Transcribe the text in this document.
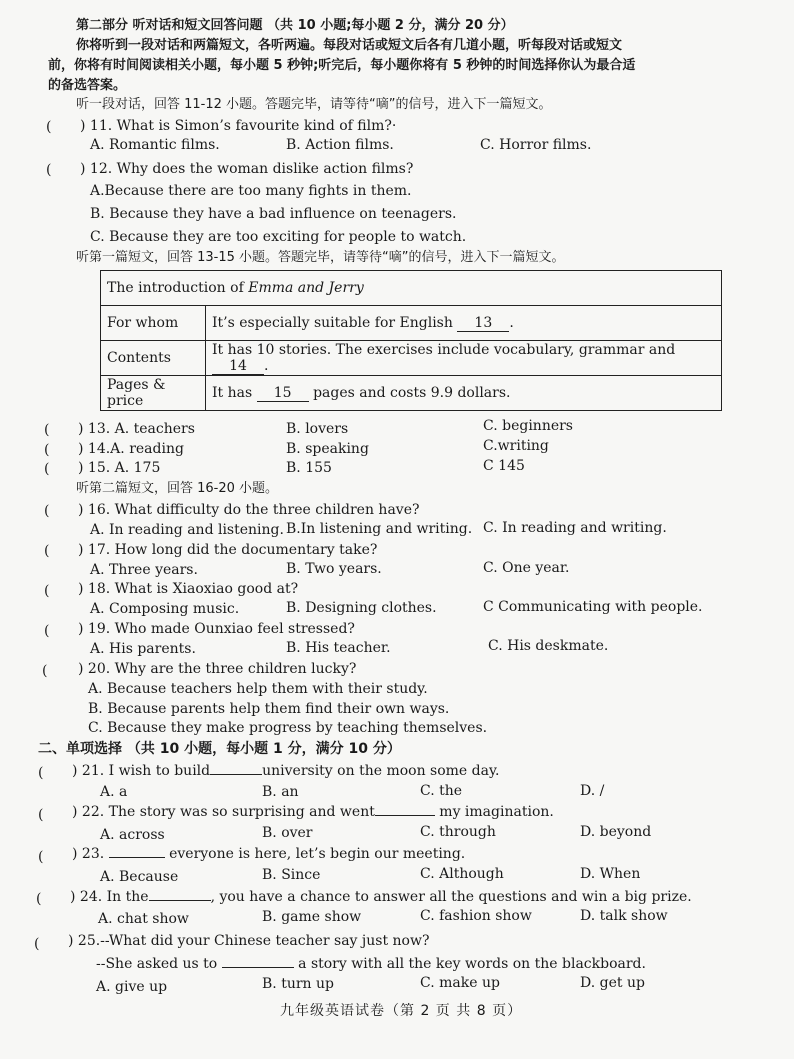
第二部分 听对话和短文回答问题 （共 10 小题;每小题 2 分，满分 20 分）
你将听到一段对话和两篇短文，各听两遍。每段对话或短文后各有几道小题，听每段对话或短文
前，你将有时间阅读相关小题，每小题 5 秒钟;听完后，每小题你将有 5 秒钟的时间选择你认为最合适
的备选答案。
听一段对话，回答 11-12 小题。答题完毕，请等待“嘀”的信号，进入下一篇短文。
( ) 11. What is Simon’s favourite kind of film?·
A. Romantic films.	B. Action films.	C. Horror films.
( ) 12. Why does the woman dislike action films?
A.Because there are too many fights in them.
B. Because they have a bad influence on teenagers.
C. Because they are too exciting for people to watch.
听第一篇短文，回答 13-15 小题。答题完毕，请等待“嘀”的信号，进入下一篇短文。
The introduction of Emma and Jerry	
For whom	It’s especially suitable for English 13 .
Contents	It has 10 stories. The exercises include vocabulary, grammar and 14 .
Pages & price	It has 15 pages and costs 9.9 dollars.
( ) 13. A. teachers	B. lovers	C. beginners
( ) 14.A. reading	B. speaking	C.writing
( ) 15. A. 175	B. 155	C 145
听第二篇短文，回答 16-20 小题。
( ) 16. What difficulty do the three children have?
A. In reading and listening. B.In listening and writing. C. In reading and writing.
( ) 17. How long did the documentary take?
A. Three years.	B. Two years.	C. One year.
( ) 18. What is Xiaoxiao good at?
A. Composing music.	B. Designing clothes.	C Communicating with people.
( ) 19. Who made Ounxiao feel stressed?
A. His parents.	B. His teacher.	C. His deskmate.
( ) 20. Why are the three children lucky?
A. Because teachers help them with their study.
B. Because parents help them find their own ways.
C. Because they make progress by teaching themselves.
二、单项选择 （共 10 小题，每小题 1 分，满分 10 分）
( ) 21. I wish to build	university on the moon some day.
A. a	B. an	C. the	D. /
( ) 22. The story was so surprising and went	my imagination.
A. across	B. over	C. through	D. beyond
( ) 23.	everyone is here, let’s begin our meeting.
A. Because	B. Since	C. Although	D. When
( ) 24. In the	, you have a chance to answer all the questions and win a big prize.
A. chat show	B. game show	C. fashion show	D. talk show
( ) 25.--What did your Chinese teacher say just now?
--She asked us to	a story with all the key words on the blackboard.
A. give up	B. turn up	C. make up	D. get up
九年级英语试卷（第 2 页 共 8 页）
